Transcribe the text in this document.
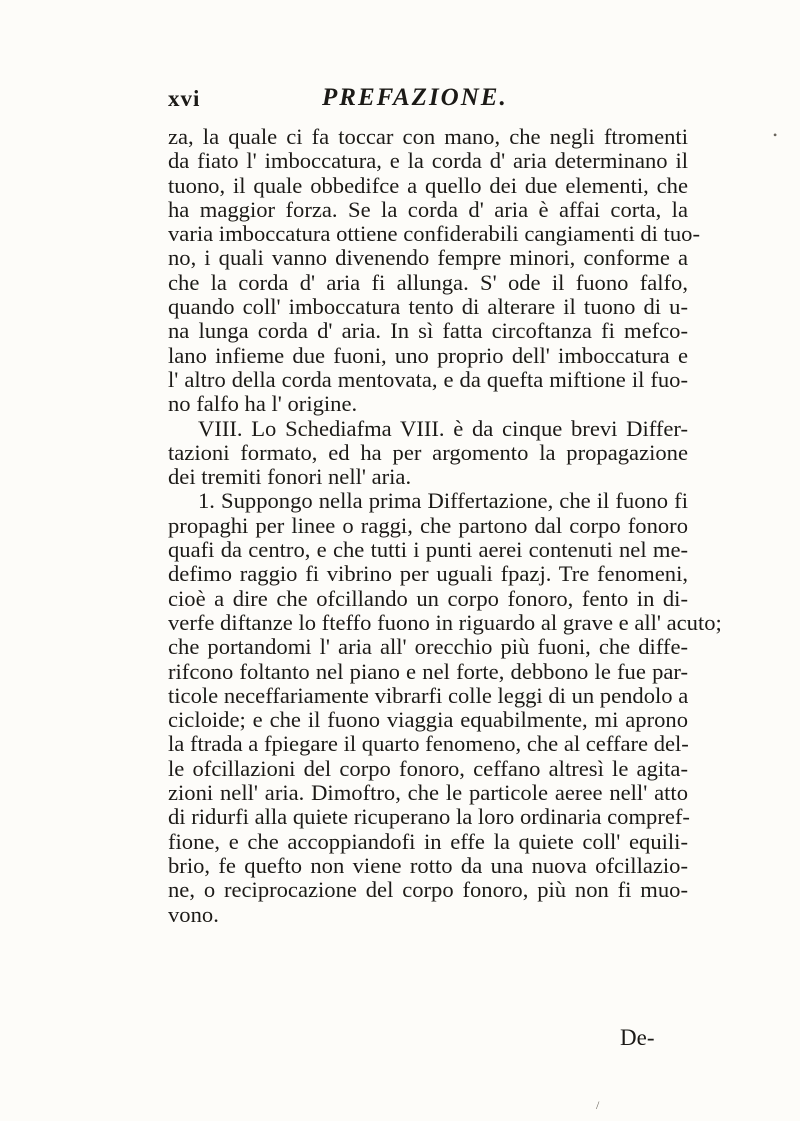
xvi	PREFAZIONE.
za, la quale ci fa toccar con mano, che negli ftromenti
da fiato l' imboccatura, e la corda d' aria determinano il
tuono, il quale obbedifce a quello dei due elementi, che
ha maggior forza. Se la corda d' aria è affai corta, la
varia imboccatura ottiene confiderabili cangiamenti di tuo-
no, i quali vanno divenendo fempre minori, conforme a
che la corda d' aria fi allunga. S' ode il fuono falfo,
quando coll' imboccatura tento di alterare il tuono di u-
na lunga corda d' aria. In sì fatta circoftanza fi mefco-
lano infieme due fuoni, uno proprio dell' imboccatura e
l' altro della corda mentovata, e da quefta miftione il fuo-
no falfo ha l' origine.
VIII. Lo Schediafma VIII. è da cinque brevi Differ-
tazioni formato, ed ha per argomento la propagazione
dei tremiti fonori nell' aria.
1. Suppongo nella prima Differtazione, che il fuono fi
propaghi per linee o raggi, che partono dal corpo fonoro
quafi da centro, e che tutti i punti aerei contenuti nel me-
defimo raggio fi vibrino per uguali fpazj. Tre fenomeni,
cioè a dire che ofcillando un corpo fonoro, fento in di-
verfe diftanze lo fteffo fuono in riguardo al grave e all' acuto;
che portandomi l' aria all' orecchio più fuoni, che diffe-
rifcono foltanto nel piano e nel forte, debbono le fue par-
ticole neceffariamente vibrarfi colle leggi di un pendolo a
cicloide; e che il fuono viaggia equabilmente, mi aprono
la ftrada a fpiegare il quarto fenomeno, che al ceffare del-
le ofcillazioni del corpo fonoro, ceffano altresì le agita-
zioni nell' aria. Dimoftro, che le particole aeree nell' atto
di ridurfi alla quiete ricuperano la loro ordinaria compref-
fione, e che accoppiandofi in effe la quiete coll' equili-
brio, fe quefto non viene rotto da una nuova ofcillazio-
ne, o reciprocazione del corpo fonoro, più non fi muo-
vono.
De-
•
/
